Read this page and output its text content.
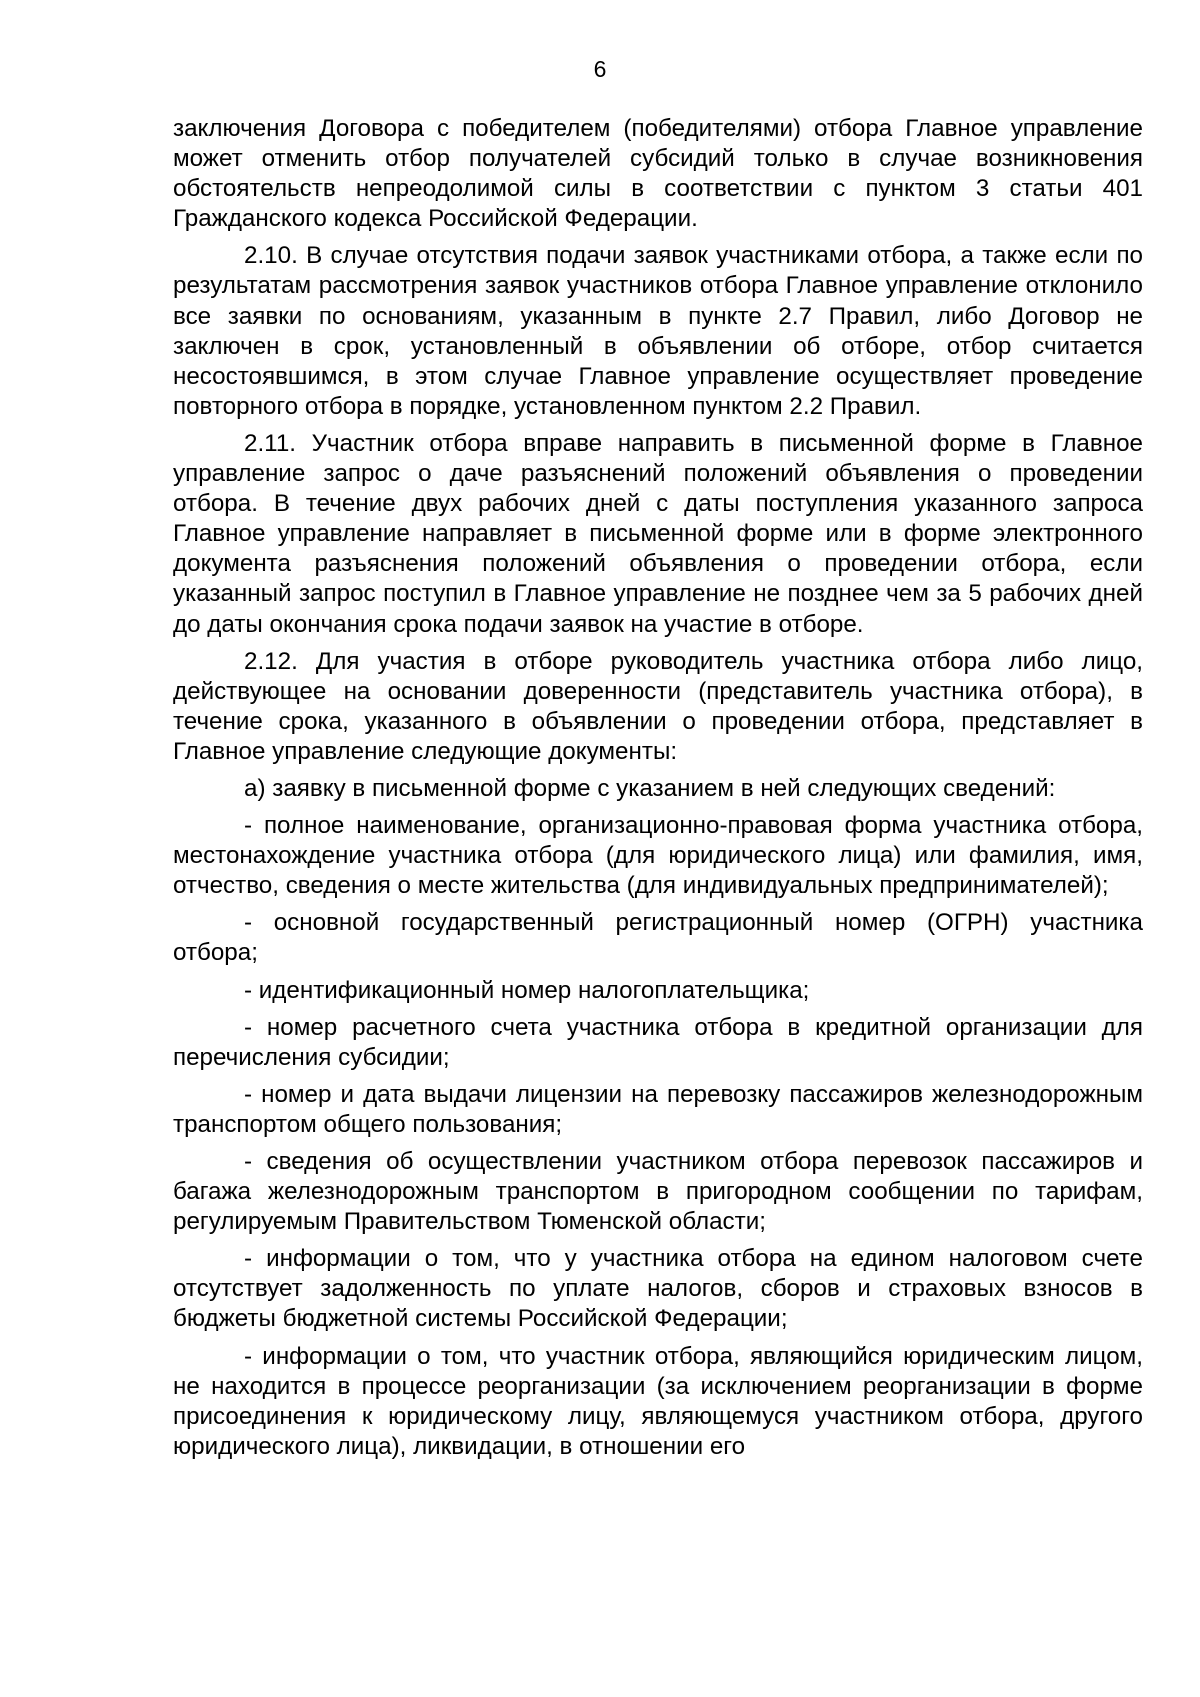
6

заключения Договора с победителем (победителями) отбора Главное управление может отменить отбор получателей субсидий только в случае возникновения обстоятельств непреодолимой силы в соответствии с пунктом 3 статьи 401 Гражданского кодекса Российской Федерации.

2.10. В случае отсутствия подачи заявок участниками отбора, а также если по результатам рассмотрения заявок участников отбора Главное управление отклонило все заявки по основаниям, указанным в пункте 2.7 Правил, либо Договор не заключен в срок, установленный в объявлении об отборе, отбор считается несостоявшимся, в этом случае Главное управление осуществляет проведение повторного отбора в порядке, установленном пунктом 2.2 Правил.

2.11. Участник отбора вправе направить в письменной форме в Главное управление запрос о даче разъяснений положений объявления о проведении отбора. В течение двух рабочих дней с даты поступления указанного запроса Главное управление направляет в письменной форме или в форме электронного документа разъяснения положений объявления о проведении отбора, если указанный запрос поступил в Главное управление не позднее чем за 5 рабочих дней до даты окончания срока подачи заявок на участие в отборе.

2.12. Для участия в отборе руководитель участника отбора либо лицо, действующее на основании доверенности (представитель участника отбора), в течение срока, указанного в объявлении о проведении отбора, представляет в Главное управление следующие документы:

а) заявку в письменной форме с указанием в ней следующих сведений:

- полное наименование, организационно-правовая форма участника отбора, местонахождение участника отбора (для юридического лица) или фамилия, имя, отчество, сведения о месте жительства (для индивидуальных предпринимателей);

- основной государственный регистрационный номер (ОГРН) участника отбора;

- идентификационный номер налогоплательщика;

- номер расчетного счета участника отбора в кредитной организации для перечисления субсидии;

- номер и дата выдачи лицензии на перевозку пассажиров железнодорожным транспортом общего пользования;

- сведения об осуществлении участником отбора перевозок пассажиров и багажа железнодорожным транспортом в пригородном сообщении по тарифам, регулируемым Правительством Тюменской области;

- информации о том, что у участника отбора на едином налоговом счете отсутствует задолженность по уплате налогов, сборов и страховых взносов в бюджеты бюджетной системы Российской Федерации;

- информации о том, что участник отбора, являющийся юридическим лицом, не находится в процессе реорганизации (за исключением реорганизации в форме присоединения к юридическому лицу, являющемуся участником отбора, другого юридического лица), ликвидации, в отношении его
